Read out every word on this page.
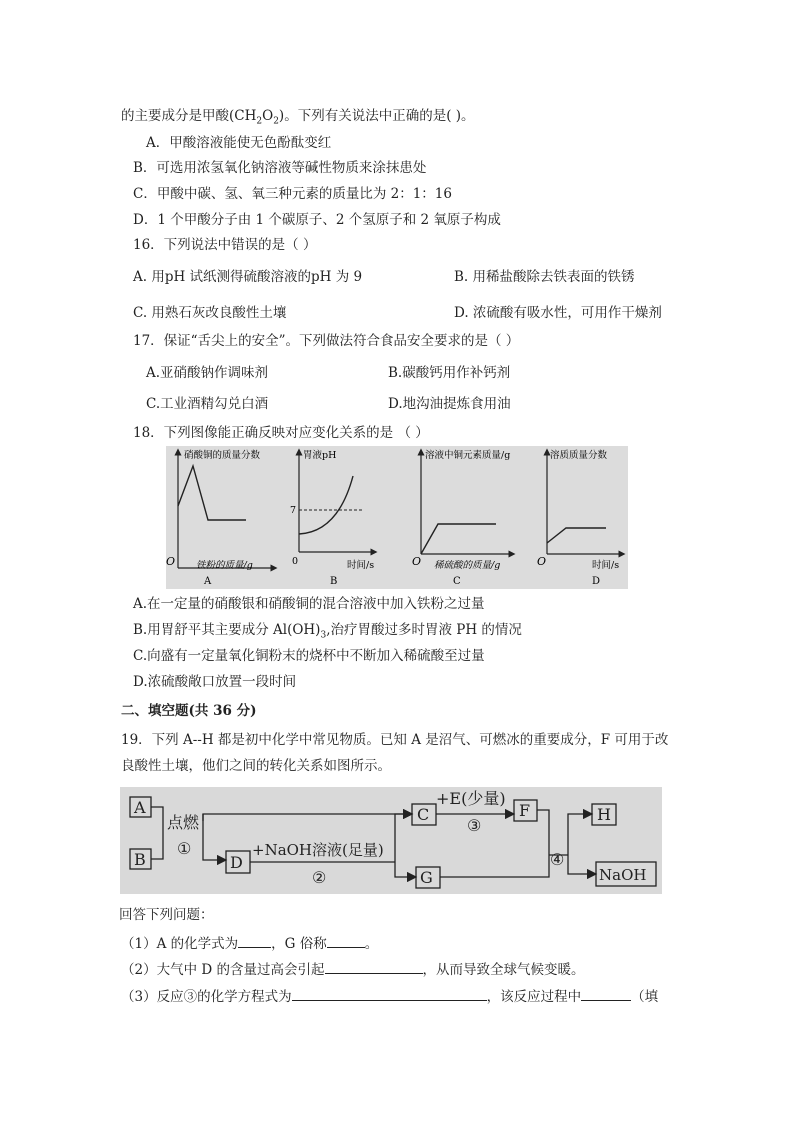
的主要成分是甲酸$(CH_2O_2)$。下列有关说法中正确的是( )。
A．甲酸溶液能使无色酚酞变红
B．可选用浓氢氧化钠溶液等碱性物质来涂抹患处
C．甲酸中碳、氢、氧三种元素的质量比为 2：1：16
D．1 个甲酸分子由 1 个碳原子、2 个氢原子和 2 氧原子构成
16．下列说法中错误的是（ ）
A. 用pH 试纸测得硫酸溶液的pH 为 9	B. 用稀盐酸除去铁表面的铁锈
C. 用熟石灰改良酸性土壤	D. 浓硫酸有吸水性，可用作干燥剂
17．保证“舌尖上的安全”。下列做法符合食品安全要求的是（ ）
A.亚硝酸钠作调味剂	B.碳酸钙用作补钙剂
C.工业酒精勾兑白酒	D.地沟油提炼食用油
18．下列图像能正确反映对应变化关系的是 （ ）
硝酸铜的质量分数
铁粉的质量/g
O
A
胃液pH
7
0	时间/s
B
溶液中铜元素质量/g
O 稀硫酸的质量/g
C
溶质质量分数
O	时间/s
D
A.在一定量的硝酸银和硝酸铜的混合溶液中加入铁粉之过量
B.用胃舒平其主要成分 $Al(OH)_3$,治疗胃酸过多时胃液 PH 的情况
C.向盛有一定量氧化铜粉末的烧杯中不断加入稀硫酸至过量
D.浓硫酸敞口放置一段时间
二、填空题(共 36 分)
19．下列 A--H 都是初中化学中常见物质。已知 A 是沼气、可燃冰的重要成分，F 可用于改
良酸性土壤，他们之间的转化关系如图所示。
A
B
C
D
F
G
H
NaOH
点燃
①	+NaOH溶液(足量)
②
+E(少量)
③
④
回答下列问题：
（1）A 的化学式为 ，G 俗称	。
（2）大气中 D 的含量过高会引起	，从而导致全球气候变暖。
（3）反应③的化学方程式为	，该反应过程中	（填
